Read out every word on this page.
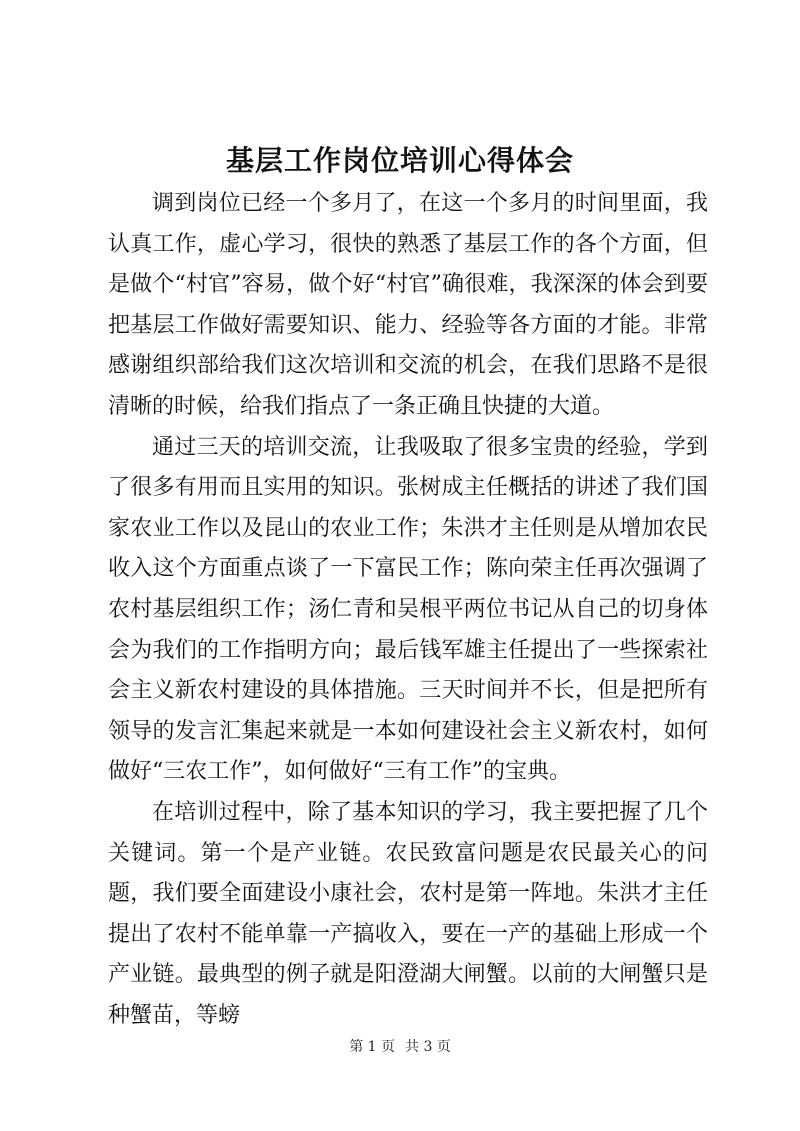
基层工作岗位培训心得体会

调到岗位已经一个多月了，在这一个多月的时间里面，我认真工作，虚心学习，很快的熟悉了基层工作的各个方面，但是做个“村官”容易，做个好“村官”确很难，我深深的体会到要把基层工作做好需要知识、能力、经验等各方面的才能。非常感谢组织部给我们这次培训和交流的机会，在我们思路不是很清晰的时候，给我们指点了一条正确且快捷的大道。

通过三天的培训交流，让我吸取了很多宝贵的经验，学到了很多有用而且实用的知识。张树成主任概括的讲述了我们国家农业工作以及昆山的农业工作；朱洪才主任则是从增加农民收入这个方面重点谈了一下富民工作；陈向荣主任再次强调了农村基层组织工作；汤仁青和吴根平两位书记从自己的切身体会为我们的工作指明方向；最后钱军雄主任提出了一些探索社会主义新农村建设的具体措施。三天时间并不长，但是把所有领导的发言汇集起来就是一本如何建设社会主义新农村，如何做好“三农工作”，如何做好“三有工作”的宝典。

在培训过程中，除了基本知识的学习，我主要把握了几个关键词。第一个是产业链。农民致富问题是农民最关心的问题，我们要全面建设小康社会，农村是第一阵地。朱洪才主任提出了农村不能单靠一产搞收入，要在一产的基础上形成一个产业链。最典型的例子就是阳澄湖大闸蟹。以前的大闸蟹只是种蟹苗，等螃

第 1 页 共 3 页
